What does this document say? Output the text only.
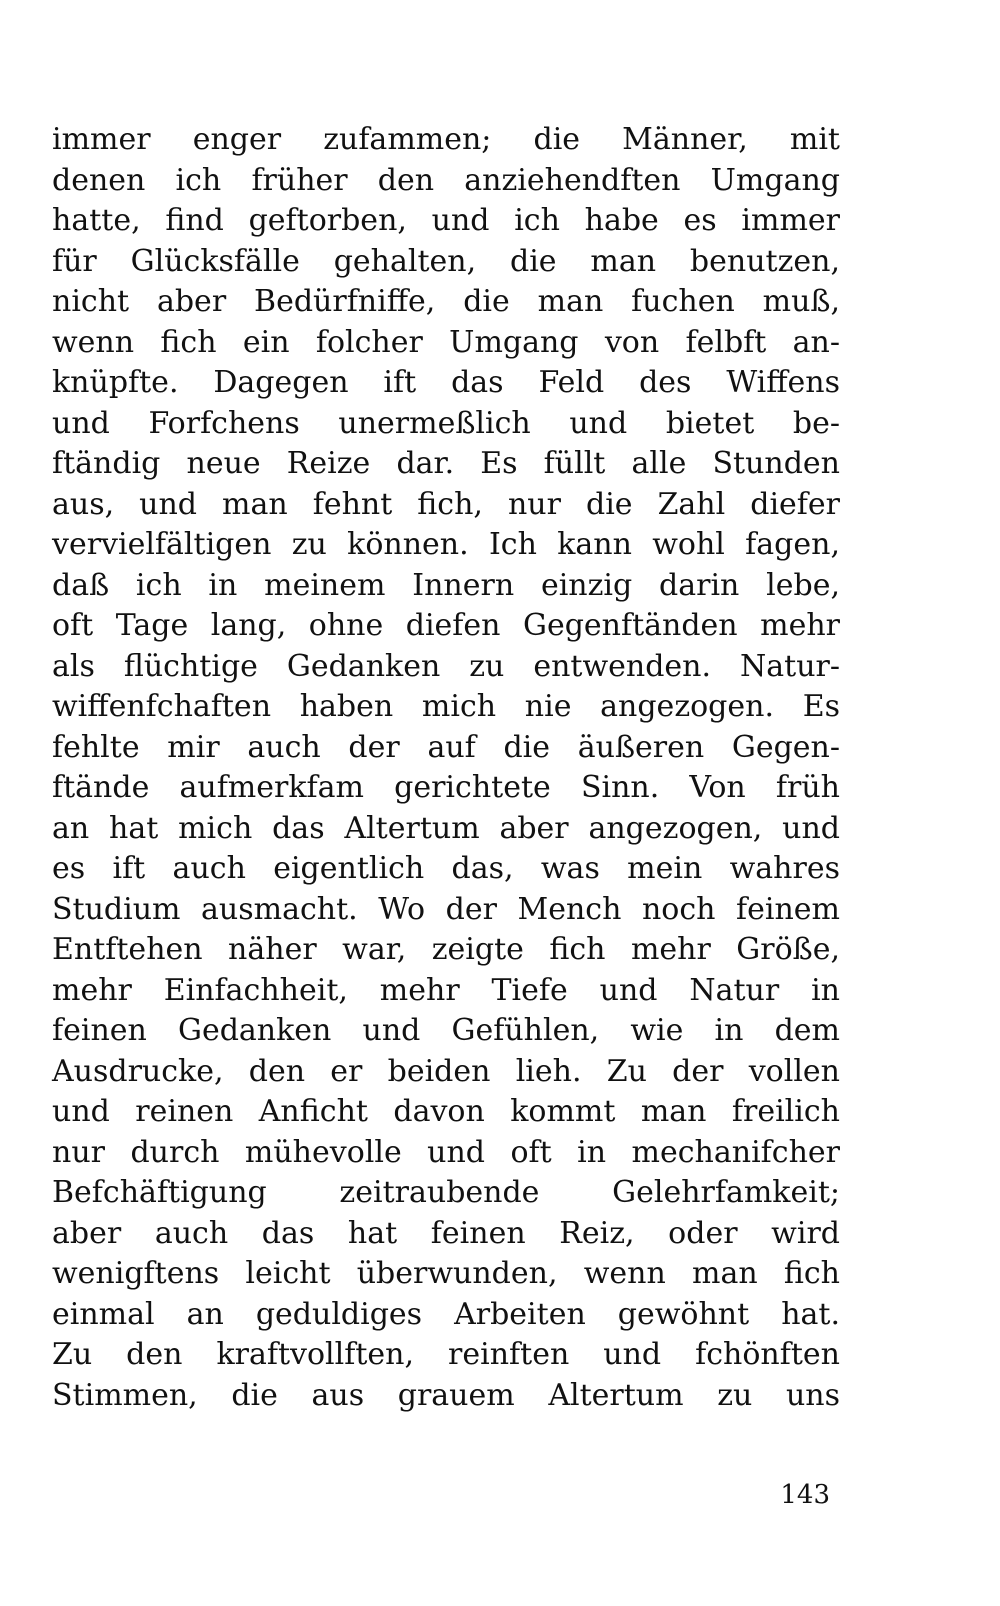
immer enger zufammen; die Männer, mit
denen ich früher den anziehendften Umgang
hatte, find geftorben, und ich habe es immer
für Glücksfälle gehalten, die man benutzen,
nicht aber Bedürfniffe, die man fuchen muß,
wenn fich ein folcher Umgang von felbft an-
knüpfte. Dagegen ift das Feld des Wiffens
und Forfchens unermeßlich und bietet be-
ftändig neue Reize dar. Es füllt alle Stunden
aus, und man fehnt fich, nur die Zahl diefer
vervielfältigen zu können. Ich kann wohl fagen,
daß ich in meinem Innern einzig darin lebe,
oft Tage lang, ohne diefen Gegenftänden mehr
als flüchtige Gedanken zu entwenden. Natur-
wiffenfchaften haben mich nie angezogen. Es
fehlte mir auch der auf die äußeren Gegen-
ftände aufmerkfam gerichtete Sinn. Von früh
an hat mich das Altertum aber angezogen, und
es ift auch eigentlich das, was mein wahres
Studium ausmacht. Wo der Mench noch feinem
Entftehen näher war, zeigte fich mehr Größe,
mehr Einfachheit, mehr Tiefe und Natur in
feinen Gedanken und Gefühlen, wie in dem
Ausdrucke, den er beiden lieh. Zu der vollen
und reinen Anficht davon kommt man freilich
nur durch mühevolle und oft in mechanifcher
Befchäftigung zeitraubende Gelehrfamkeit;
aber auch das hat feinen Reiz, oder wird
wenigftens leicht überwunden, wenn man fich
einmal an geduldiges Arbeiten gewöhnt hat.
Zu den kraftvollften, reinften und fchönften
Stimmen, die aus grauem Altertum zu uns
143
